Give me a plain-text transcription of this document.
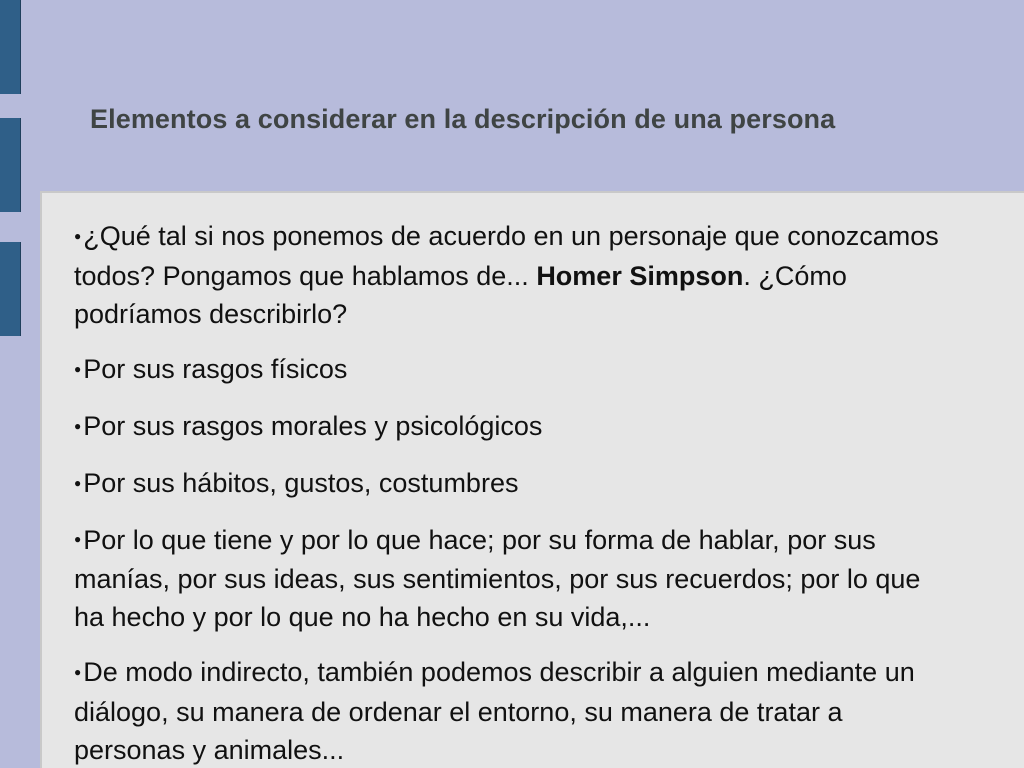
Elementos a considerar en la descripción de una persona
●¿Qué tal si nos ponemos de acuerdo en un personaje que conozcamos todos? Pongamos que hablamos de... Homer Simpson. ¿Cómo podríamos describirlo?
●Por sus rasgos físicos
●Por sus rasgos morales y psicológicos
●Por sus hábitos, gustos, costumbres
●Por lo que tiene y por lo que hace; por su forma de hablar, por sus manías, por sus ideas, sus sentimientos, por sus recuerdos; por lo que ha hecho y por lo que no ha hecho en su vida,...
●De modo indirecto, también podemos describir a alguien mediante un diálogo, su manera de ordenar el entorno, su manera de tratar a personas y animales...
